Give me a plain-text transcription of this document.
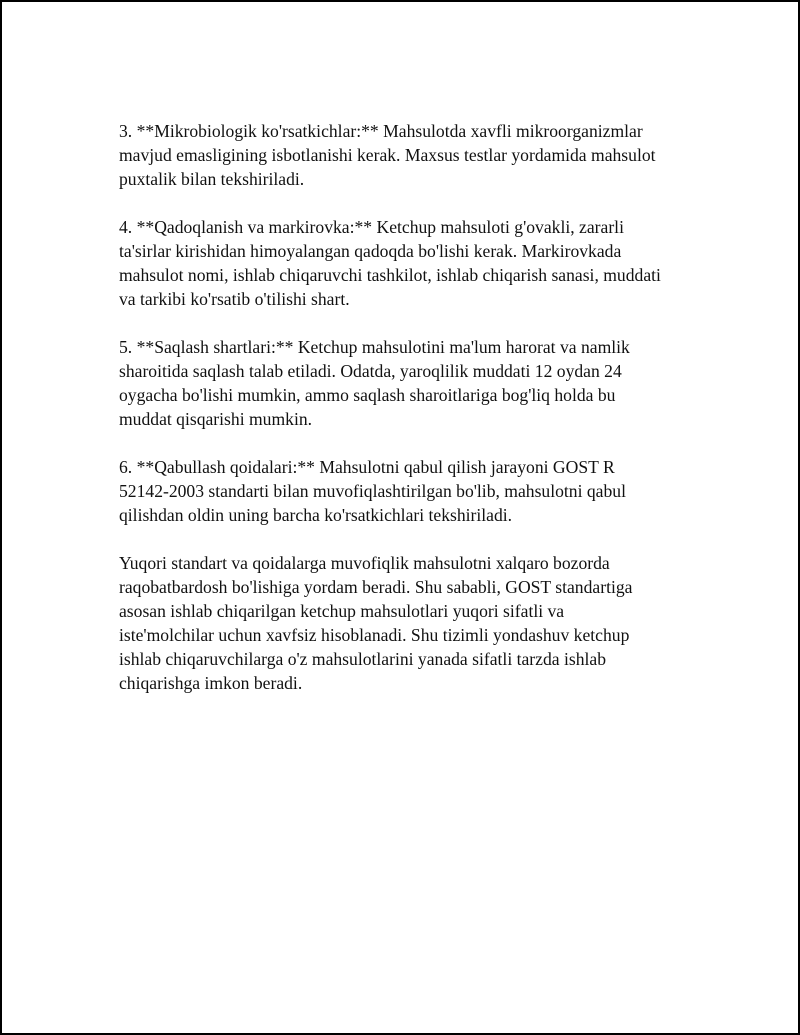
3. **Mikrobiologik ko'rsatkichlar:** Mahsulotda xavfli mikroorganizmlar
mavjud emasligining isbotlanishi kerak. Maxsus testlar yordamida mahsulot
puxtalik bilan tekshiriladi.

4. **Qadoqlanish va markirovka:** Ketchup mahsuloti g'ovakli, zararli
ta'sirlar kirishidan himoyalangan qadoqda bo'lishi kerak. Markirovkada
mahsulot nomi, ishlab chiqaruvchi tashkilot, ishlab chiqarish sanasi, muddati
va tarkibi ko'rsatib o'tilishi shart.

5. **Saqlash shartlari:** Ketchup mahsulotini ma'lum harorat va namlik
sharoitida saqlash talab etiladi. Odatda, yaroqlilik muddati 12 oydan 24
oygacha bo'lishi mumkin, ammo saqlash sharoitlariga bog'liq holda bu
muddat qisqarishi mumkin.

6. **Qabullash qoidalari:** Mahsulotni qabul qilish jarayoni GOST R
52142-2003 standarti bilan muvofiqlashtirilgan bo'lib, mahsulotni qabul
qilishdan oldin uning barcha ko'rsatkichlari tekshiriladi.

Yuqori standart va qoidalarga muvofiqlik mahsulotni xalqaro bozorda
raqobatbardosh bo'lishiga yordam beradi. Shu sababli, GOST standartiga
asosan ishlab chiqarilgan ketchup mahsulotlari yuqori sifatli va
iste'molchilar uchun xavfsiz hisoblanadi. Shu tizimli yondashuv ketchup
ishlab chiqaruvchilarga o'z mahsulotlarini yanada sifatli tarzda ishlab
chiqarishga imkon beradi.
